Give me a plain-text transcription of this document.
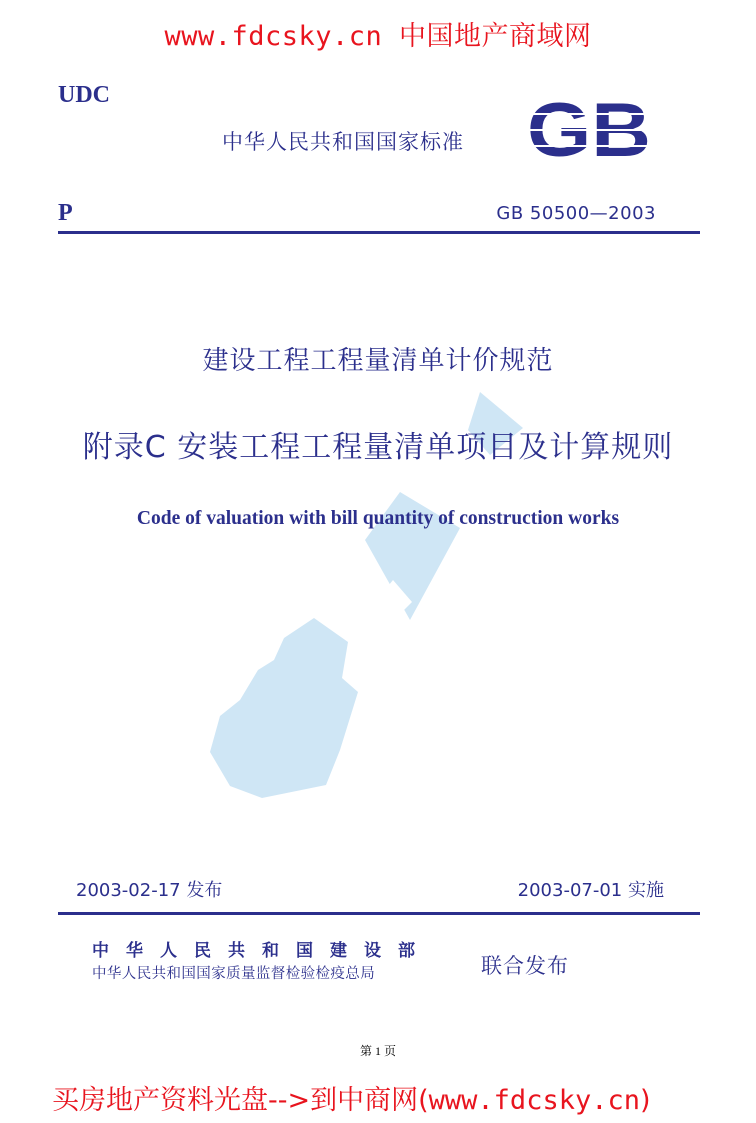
www.fdcsky.cn 中国地产商域网
UDC
中华人民共和国国家标准 GB
P	GB 50500—2003
建设工程工程量清单计价规范
附录C 安装工程工程量清单项目及计算规则
Code of valuation with bill quantity of construction works
2003-02-17 发布	2003-07-01 实施
中华人民共和国建设部
中华人民共和国国家质量监督检验检疫总局	联合发布
第 1 页
买房地产资料光盘-->到中商网(www.fdcsky.cn)
